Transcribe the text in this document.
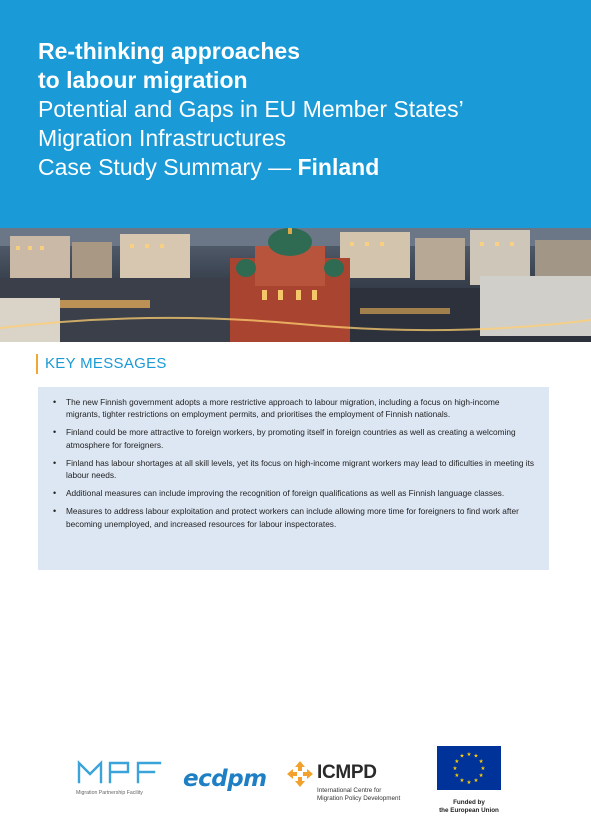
Re-thinking approaches
to labour migration
Potential and Gaps in EU Member States’
Migration Infrastructures
Case Study Summary — Finland
KEY MESSAGES
• The new Finnish government adopts a more restrictive approach to labour migration, including a focus on high-income migrants, tighter restrictions on employment permits, and prioritises the employment of Finnish nationals.
• Finland could be more attractive to foreign workers, by promoting itself in foreign countries as well as creating a welcoming atmosphere for foreigners.
• Finland has labour shortages at all skill levels, yet its focus on high-income migrant workers may lead to dificulties in meeting its labour needs.
• Additional measures can include improving the recognition of foreign qualifications as well as Finnish language classes.
• Measures to address labour exploitation and protect workers can include allowing more time for foreigners to find work after becoming unemployed, and increased resources for labour inspectorates.
Migration Partnership Facility
ecdpm	ICMPD
International Centre for
Migration Policy Development
★ ★
★
★
★
★
★
★
★
★
★
★
Funded by
the European Union
